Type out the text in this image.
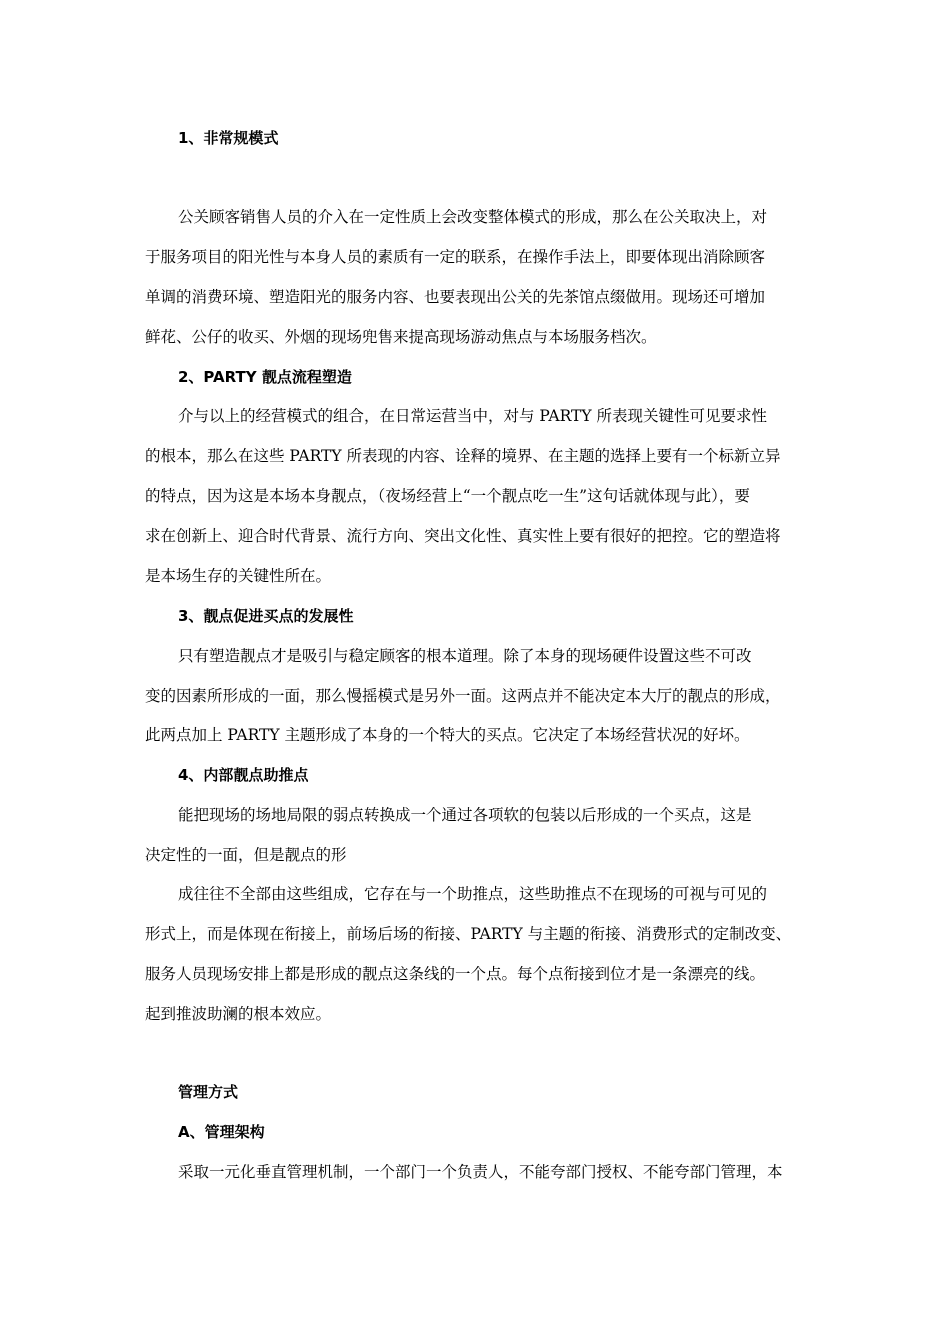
1、非常规模式
公关顾客销售人员的介入在一定性质上会改变整体模式的形成，那么在公关取决上，对
于服务项目的阳光性与本身人员的素质有一定的联系，在操作手法上，即要体现出消除顾客
单调的消费环境、塑造阳光的服务内容、也要表现出公关的先茶馆点缀做用。现场还可增加
鲜花、公仔的收买、外烟的现场兜售来提高现场游动焦点与本场服务档次。
2、PARTY 靓点流程塑造
介与以上的经营模式的组合，在日常运营当中，对与 PARTY 所表现关键性可见要求性
的根本，那么在这些 PARTY 所表现的内容、诠释的境界、在主题的选择上要有一个标新立异
的特点，因为这是本场本身靓点，（夜场经营上“一个靓点吃一生”这句话就体现与此），要
求在创新上、迎合时代背景、流行方向、突出文化性、真实性上要有很好的把控。它的塑造将
是本场生存的关键性所在。
3、靓点促进买点的发展性
只有塑造靓点才是吸引与稳定顾客的根本道理。除了本身的现场硬件设置这些不可改
变的因素所形成的一面，那么慢摇模式是另外一面。这两点并不能决定本大厅的靓点的形成，
此两点加上 PARTY 主题形成了本身的一个特大的买点。它决定了本场经营状况的好坏。
4、内部靓点助推点
能把现场的场地局限的弱点转换成一个通过各项软的包装以后形成的一个买点，这是
决定性的一面，但是靓点的形
成往往不全部由这些组成，它存在与一个助推点，这些助推点不在现场的可视与可见的
形式上，而是体现在衔接上，前场后场的衔接、PARTY 与主题的衔接、消费形式的定制改变、
服务人员现场安排上都是形成的靓点这条线的一个点。每个点衔接到位才是一条漂亮的线。
起到推波助澜的根本效应。
管理方式
A、管理架构
采取一元化垂直管理机制，一个部门一个负责人，不能夸部门授权、不能夸部门管理，本
